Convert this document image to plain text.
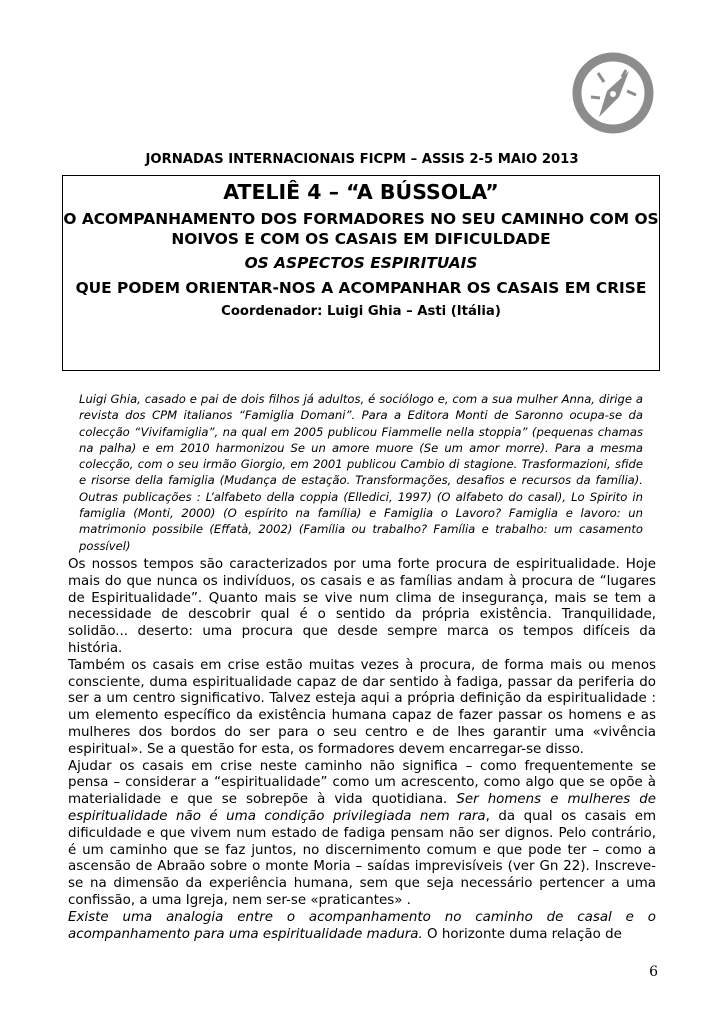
JORNADAS INTERNACIONAIS FICPM – ASSIS 2-5 MAIO 2013
ATELIÊ 4 – “A BÚSSOLA”
O ACOMPANHAMENTO DOS FORMADORES NO SEU CAMINHO COM OS NOIVOS E COM OS CASAIS EM DIFICULDADE
OS ASPECTOS ESPIRITUAIS
QUE PODEM ORIENTAR-NOS A ACOMPANHAR OS CASAIS EM CRISE
Coordenador: Luigi Ghia – Asti (Itália)
Luigi Ghia, casado e pai de dois filhos já adultos, é sociólogo e, com a sua mulher Anna, dirige a revista dos CPM italianos “Famiglia Domani”. Para a Editora Monti de Saronno ocupa-se da colecção “Vivifamiglia”, na qual em 2005 publicou Fiammelle nella stoppia” (pequenas chamas na palha) e em 2010 harmonizou Se un amore muore (Se um amor morre). Para a mesma colecção, com o seu irmão Giorgio, em 2001 publicou Cambio di stagione. Trasformazioni, sfide e risorse della famiglia (Mudança de estação. Transformações, desafios e recursos da família). Outras publicações : L’alfabeto della coppia (Elledici, 1997) (O alfabeto do casal), Lo Spirito in famiglia (Monti, 2000) (O espírito na família) e Famiglia o Lavoro? Famiglia e lavoro: un matrimonio possibile (Effatà, 2002) (Família ou trabalho? Família e trabalho: um casamento possível)

Os nossos tempos são caracterizados por uma forte procura de espiritualidade. Hoje mais do que nunca os indivíduos, os casais e as famílias andam à procura de “lugares de Espiritualidade”. Quanto mais se vive num clima de insegurança, mais se tem a necessidade de descobrir qual é o sentido da própria existência. Tranquilidade, solidão... deserto: uma procura que desde sempre marca os tempos difíceis da história.

Também os casais em crise estão muitas vezes à procura, de forma mais ou menos consciente, duma espiritualidade capaz de dar sentido à fadiga, passar da periferia do ser a um centro significativo. Talvez esteja aqui a própria definição da espiritualidade : um elemento específico da existência humana capaz de fazer passar os homens e as mulheres dos bordos do ser para o seu centro e de lhes garantir uma «vivência espiritual». Se a questão for esta, os formadores devem encarregar-se disso.

Ajudar os casais em crise neste caminho não significa – como frequentemente se pensa – considerar a “espiritualidade” como um acrescento, como algo que se opõe à materialidade e que se sobrepõe à vida quotidiana. Ser homens e mulheres de espiritualidade não é uma condição privilegiada nem rara, da qual os casais em dificuldade e que vivem num estado de fadiga pensam não ser dignos. Pelo contrário, é um caminho que se faz juntos, no discernimento comum e que pode ter – como a ascensão de Abraão sobre o monte Moria – saídas imprevisíveis (ver Gn 22). Inscreve-se na dimensão da experiência humana, sem que seja necessário pertencer a uma confissão, a uma Igreja, nem ser-se «praticantes» .

Existe uma analogia entre o acompanhamento no caminho de casal e o acompanhamento para uma espiritualidade madura. O horizonte duma relação de

6
